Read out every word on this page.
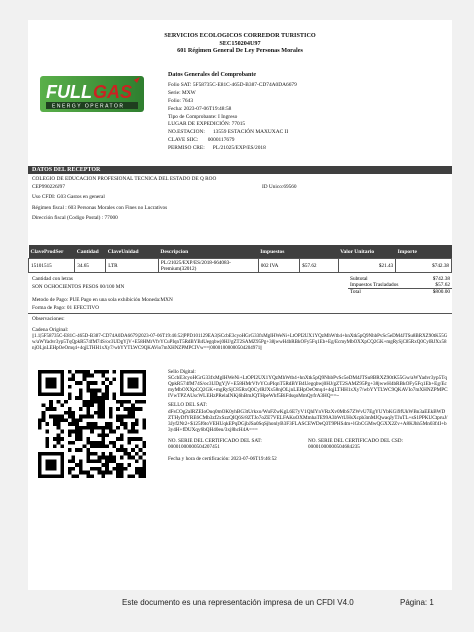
SERVICIOS ECOLOGICOS CORREDOR TURISTICO
SEC150204U97
601 Régimen General De Ley Personas Morales
FULL GAS
ENERGY OPERATOR
Datos Generales del Comprobante
Folio SAT: 5F58735C-E81C-465D-B387-CD74A0DA6679
Serie: MXW
Folio: 7643
Fecha: 2023-07-06T19:48:58
Tipo de Comprobante: I Ingreso
LUGAR DE EXPEDICIÓN: 77015
NO.ESTACION:      13559 ESTACIÓN MAXUXAC II
CLAVE SIIC:       0000117679
PERMISO CRE:      PL/21025/EXP/ES/2018
DATOS DEL RECEPTOR
COLEGIO DE EDUCACION PROFESIONAL TECNICA DEL ESTADO DE Q ROO
CEP990226J97	ID Unico:69560
Uso CFDI: G03 Gastos en general
Régimen fiscal : 603 Personas Morales con Fines no Lucrativos
Dirección fiscal (Codigo Postal) : 77000
ClaveProdSer	Cantidad	ClaveUnidad	Descripcion	Impuestos		Valor Unitario	Importe
15101515	34.65	LTR	PL/21025/EXP/ES/2018-664083-Premium(32012)	002 IVA	$57.62	$21.43	$742.38
Cantidad con letras
SON OCHOCIENTOS PESOS 00/100 MN
Metodo de Pago: PUE Pago en una sola exhibición Moneda:MXN
Forma de Pago: 01 EFECTIVO
Subtotal	$742.38
Impuestos Trasladados	$57.62
Total	$800.00
Observaciones:
Cadena Original:
||1.1|5F58735C-E81C-465D-B387-CD74A0DA6679|2023-07-06T19:46:52|PPD101129EA3|SCcbE3cyoHGrG33fxMgIHWeNi+LtOPI2UX1YQzMhWtb4+hnXtk5pQ9NhbPvSc5eDM4JTSu8BRXZ90tK55Gw/aWYadvr3yp5TqQpkR574fM74S/oc3UDgYjV+E58HMrVfvYCuPIqnT5RdBYB4Uegqbwj0HJ/gZT2SAMZ95Pg+38jwwH4bRBkOFy5Fq1Eb+Eg/EcmyMbOXXpCQ2GK+mgRySjC85RxQ0CylRJXx58njOLjnLEHpOeOmq4+4qjLTHH1xXy7/wbYYTLWC9QKAVio7mXHNZPMPCIVw==|00001000000504204971||
Sello Digital:
SCcbE3cyoHGrG33fxMgIHWeNi+LtOPI2UX1YQzMhWtb4+hnXtk5pQ9NhbPvSc5eDM4JTSu8BRXZ90tK55Gw/aWYadvr3yp5TqQpkR574fM74S/oc3UDgYjV+E58HMrVfvYCuPIqnT5RdBYB4Uegqbwj0HJ/gZT2SAMZ95Pg+38jwwH4bRBkOFy5Fq1Eb+Eg/EcmyMbOXXpCQ2GK+mgRySjC85RxQ0CylRJXx58njOLjnLEHpOeOmq4+4qjLTHH1xXy7/wbYYTLWC9QKAVIo7mXHNZPMPCIVwTPZAUscWLEHzPRelaINKj6hBmJQTHpeWhf5BiFdsqoMmQyfrA3HQ==~
SELLO DEL SAT:
dFsCOg2aIRZEIoOuq0mOK0yhBG3tUrkxo/WuFZwKgL6E7yV1QhIYnVRzXv0MbS7ZWvU7EgYUYbKGi9fUkWBn3aEEkBWDZTHyDfYRE6CMb3zf2xSzzQIQ6S/8ZTJo7oZE7VELFAKuOXMmhaTE99A3bWtUHsXcpb3mMJQwaqJyTJuTL+sS1PPKUCtpruJ/3Jyf2Nt2+$125f6toVEHUqkEPqDGjbJSa0SqSjhonlyB3F3FLASCEWDeQ3T9PHS4m+lGbCGMwQGXX2Zv+A8KJhh5Mn03f4I+b3y4H+fDUXqy6bQH40eu/3xj8hcH4A===
NO. SERIE DEL CERTIFICADO DEL SAT:
00001000000504207451
NO. SERIE DEL CERTIFICADO DEL CSD:
00001000000504684235
Fecha y hora de certificación: 2023-07-06T19:46:52
Este documento es una representación impresa de un CFDI V4.0	Página: 1
